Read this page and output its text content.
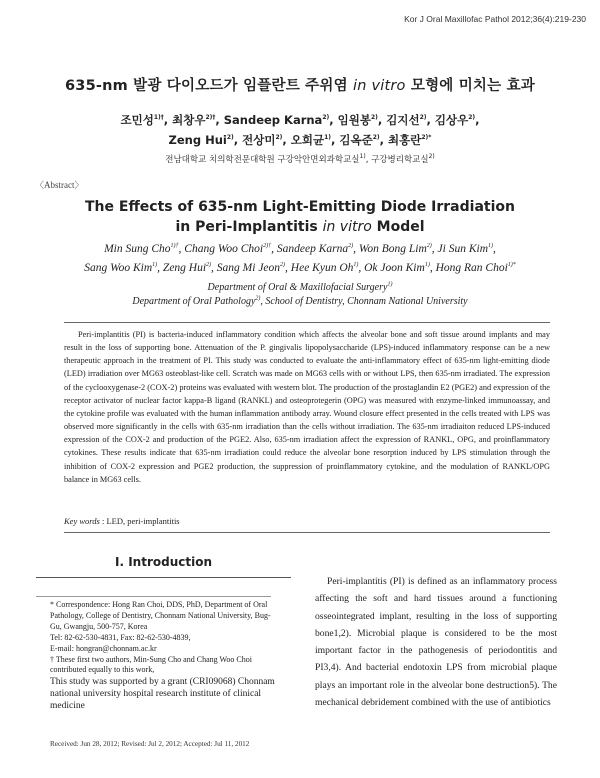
Kor J Oral Maxillofac Pathol 2012;36(4):219-230
635-nm 발광 다이오드가 임플란트 주위염 in vitro 모형에 미치는 효과
조민성$^{1)\dagger}$, 최창우$^{2)\dagger}$, Sandeep Karna$^{2)}$, 임원봉$^{2)}$, 김지선$^{2)}$, 김상우$^{2)}$,
Zeng Hui$^{2)}$, 전상미$^{2)}$, 오희균$^{1)}$, 김옥준$^{2)}$, 최홍란$^{2)*}$
전남대학교 치의학전문대학원 구강악안면외과학교실$^{1)}$, 구강병리학교실$^{2)}$
〈Abstract〉
The Effects of 635-nm Light-Emitting Diode Irradiation
in Peri-Implantitis in vitro Model
Min Sung Cho$^{1)\dagger}$, Chang Woo Choi$^{2)\dagger}$, Sandeep Karna$^{2)}$, Won Bong Lim$^{2)}$, Ji Sun Kim$^{1)}$,
Sang Woo Kim$^{1)}$, Zeng Hui$^{2)}$, Sang Mi Jeon$^{2)}$, Hee Kyun Oh$^{1)}$, Ok Joon Kim$^{1)}$, Hong Ran Choi$^{1)*}$
Department of Oral & Maxillofacial Surgery$^{1)}$
Department of Oral Pathology$^{2)}$, School of Dentistry, Chonnam National University
Peri-implantitis (PI) is bacteria-induced inflammatory condition which affects the alveolar bone and soft tissue around implants and may result in the loss of supporting bone. Attenuation of the P. gingivalis lipopolysaccharide (LPS)-induced inflammatory response can be a new therapeutic approach in the treatment of PI. This study was conducted to evaluate the anti-inflammatory effect of 635-nm light-emitting diode (LED) irradiation over MG63 osteoblast-like cell. Scratch was made on MG63 cells with or without LPS, then 635-nm irradiated. The expression of the cyclooxygenase-2 (COX-2) proteins was evaluated with western blot. The production of the prostaglandin E2 (PGE2) and expression of the receptor activator of nuclear factor kappa-B ligand (RANKL) and osteoprotegerin (OPG) was measured with enzyme-linked immunoassay, and the cytokine profile was evaluated with the human inflammation antibody array. Wound closure effect presented in the cells treated with LPS was observed more significantly in the cells with 635-nm irradiation than the cells without irradiation. The 635-nm irradiaiton reduced LPS-induced expression of the COX-2 and production of the PGE2. Also, 635-nm irradiation affect the expression of RANKL, OPG, and proinflammatory cytokines. These results indicate that 635-nm irradiation could reduce the alveolar bone resorption induced by LPS stimulation through the inhibition of COX-2 expression and PGE2 production, the suppression of proinflammatory cytokine, and the modulation of RANKL/OPG balance in MG63 cells.
Key words : LED, peri-implantitis
Ⅰ. Introduction

* Correspondence: Hong Ran Choi, DDS, PhD, Department of Oral Pathology, College of Dentistry, Chonnam National University, Bug-Gu, Gwangju, 500-757, Korea

Tel: 82-62-530-4831, Fax: 82-62-530-4839,

E-mail: hongran@chonnam.ac.kr

† These first two authors, Min-Sung Cho and Chang Woo Choi contributed equally to this work,

This study was supported by a grant (CRI09068) Chonnam national university hospital research institute of clinical medicine

Received: Jun 28, 2012; Revised: Jul 2, 2012; Accepted: Jul 11, 2012
Peri-implantitis (PI) is defined as an inflammatory process affecting the soft and hard tissues around a functioning osseointegrated implant, resulting in the loss of supporting bone1,2). Microbial plaque is considered to be the most important factor in the pathogenesis of periodontitis and PI3,4). And bacterial endotoxin LPS from microbial plaque plays an important role in the alveolar bone destruction5). The mechanical debridement combined with the use of antibiotics
